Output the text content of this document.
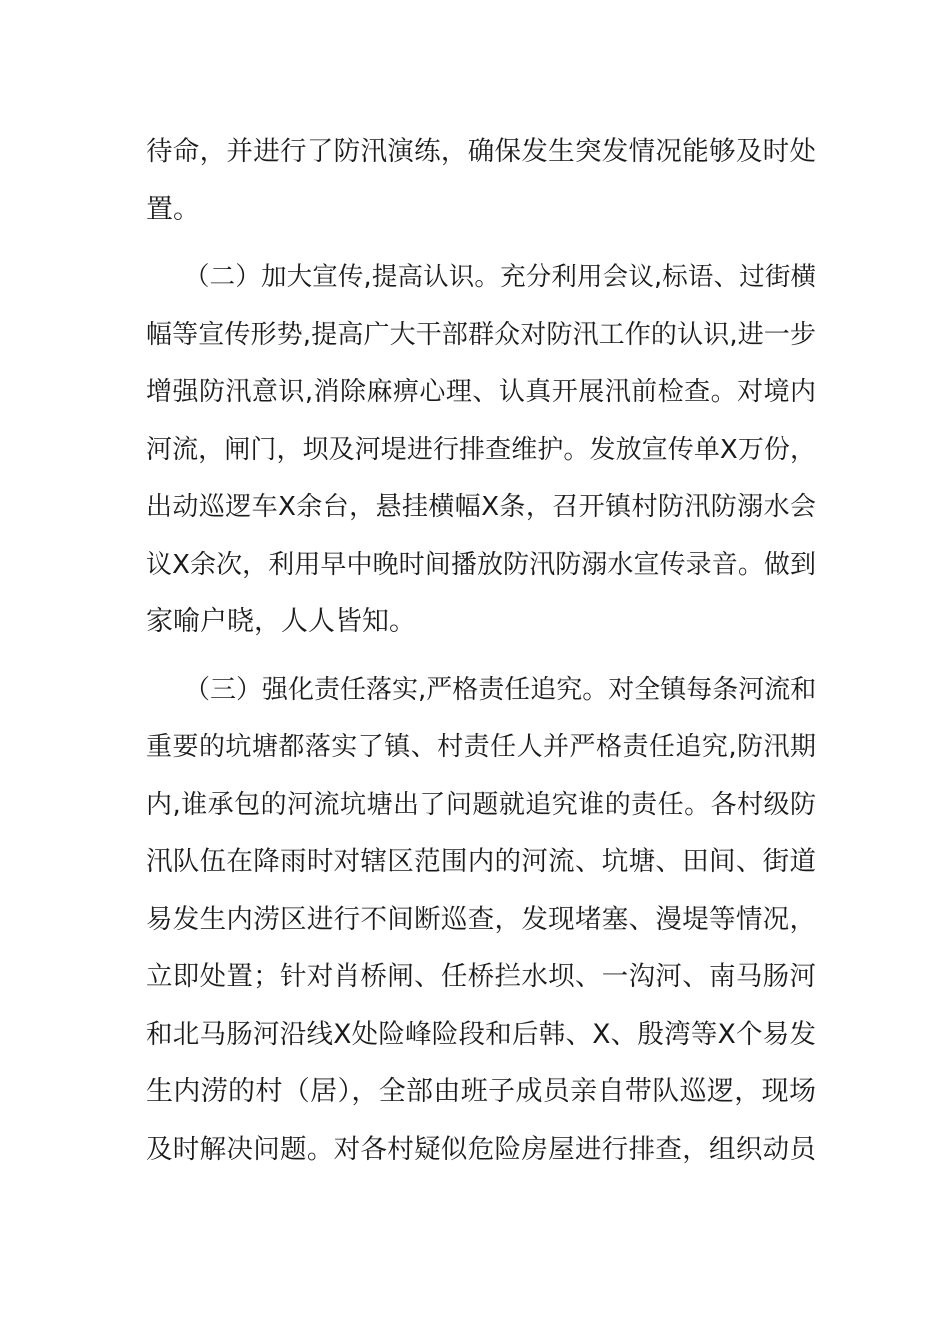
待命，并进行了防汛演练，确保发生突发情况能够及时处
置。
（二）加大宣传,提高认识。充分利用会议,标语、过街横
幅等宣传形势,提高广大干部群众对防汛工作的认识,进一步
增强防汛意识,消除麻痹心理、认真开展汛前检查。对境内
河流，闸门，坝及河堤进行排查维护。发放宣传单X万份，
出动巡逻车X余台，悬挂横幅X条，召开镇村防汛防溺水会
议X余次，利用早中晚时间播放防汛防溺水宣传录音。做到
家喻户晓，人人皆知。
（三）强化责任落实,严格责任追究。对全镇每条河流和
重要的坑塘都落实了镇、村责任人并严格责任追究,防汛期
内,谁承包的河流坑塘出了问题就追究谁的责任。各村级防
汛队伍在降雨时对辖区范围内的河流、坑塘、田间、街道
易发生内涝区进行不间断巡查，发现堵塞、漫堤等情况，
立即处置；针对肖桥闸、任桥拦水坝、一沟河、南马肠河
和北马肠河沿线X处险峰险段和后韩、X、殷湾等X个易发
生内涝的村（居），全部由班子成员亲自带队巡逻，现场
及时解决问题。对各村疑似危险房屋进行排查，组织动员
